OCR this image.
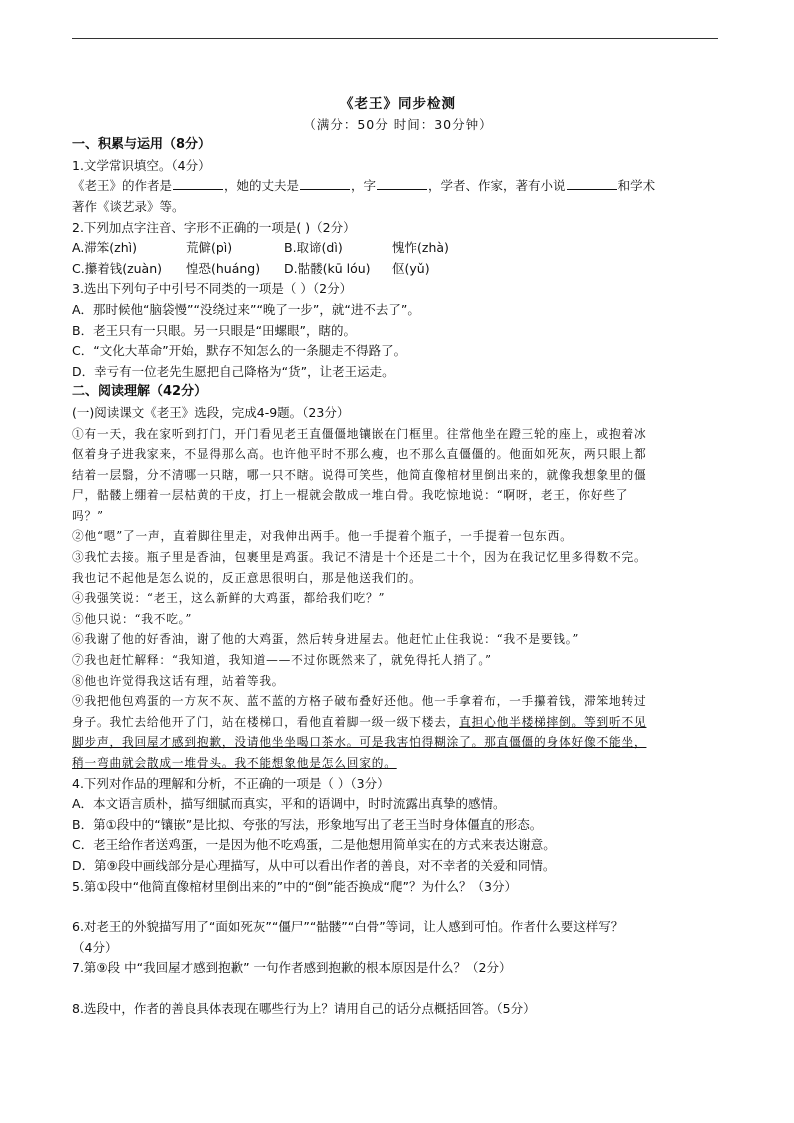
《老王》同步检测
（满分：50分 时间：30分钟）
一、积累与运用（8分）
1.文学常识填空。（4分）
《老王》的作者是	，她的丈夫是	，字	，学者、作家，著有小说	和学术
著作《谈艺录》等。
2.下列加点字注音、字形不正确的一项是( )（2分）
A.滞笨(zhì)	荒僻(pì)	B.取谛(dì)	愧怍(zhà)
C.攥着钱(zuàn) 惶恐(huáng) D.骷髅(kū lóu) 伛(yǔ)
3.选出下列句子中引号不同类的一项是（ ）（2分）
A．那时候他“脑袋慢”“没绕过来”“晚了一步”，就“进不去了”。
B．老王只有一只眼。另一只眼是“田螺眼”，瞎的。
C．“文化大革命”开始，默存不知怎么的一条腿走不得路了。
D．幸亏有一位老先生愿把自己降格为“货”，让老王运走。
二、阅读理解（42分）
(一)阅读课文《老王》选段，完成4-9题。（23分）
①有一天，我在家听到打门，开门看见老王直僵僵地镶嵌在门框里。往常他坐在蹬三轮的座上，或抱着冰
伛着身子进我家来，不显得那么高。也许他平时不那么瘦，也不那么直僵僵的。他面如死灰，两只眼上都
结着一层翳，分不清哪一只瞎，哪一只不瞎。说得可笑些，他简直像棺材里倒出来的，就像我想象里的僵
尸，骷髅上绷着一层枯黄的干皮，打上一棍就会散成一堆白骨。我吃惊地说：“啊呀，老王，你好些了
吗？”
②他“嗯”了一声，直着脚往里走，对我伸出两手。他一手提着个瓶子，一手提着一包东西。
③我忙去接。瓶子里是香油，包裹里是鸡蛋。我记不清是十个还是二十个，因为在我记忆里多得数不完。
我也记不起他是怎么说的，反正意思很明白，那是他送我们的。
④我强笑说：“老王，这么新鲜的大鸡蛋，都给我们吃？”
⑤他只说：“我不吃。”
⑥我谢了他的好香油，谢了他的大鸡蛋，然后转身进屋去。他赶忙止住我说：“我不是要钱。”
⑦我也赶忙解释：“我知道，我知道——不过你既然来了，就免得托人捎了。”
⑧他也许觉得我这话有理，站着等我。
⑨我把他包鸡蛋的一方灰不灰、蓝不蓝的方格子破布叠好还他。他一手拿着布，一手攥着钱，滞笨地转过
身子。我忙去给他开了门，站在楼梯口，看他直着脚一级一级下楼去，直担心他半楼梯摔倒。等到听不见
脚步声，我回屋才感到抱歉，没请他坐坐喝口茶水。可是我害怕得糊涂了。那直僵僵的身体好像不能坐，
稍一弯曲就会散成一堆骨头。我不能想象他是怎么回家的。
4.下列对作品的理解和分析，不正确的一项是（ ）（3分）
A．本文语言质朴，描写细腻而真实，平和的语调中，时时流露出真挚的感情。
B．第①段中的“镶嵌”是比拟、夸张的写法，形象地写出了老王当时身体僵直的形态。
C．老王给作者送鸡蛋，一是因为他不吃鸡蛋，二是他想用简单实在的方式来表达谢意。
D．第⑨段中画线部分是心理描写，从中可以看出作者的善良，对不幸者的关爱和同情。
5.第①段中“他简直像棺材里倒出来的”中的“倒”能否换成“爬”？为什么？（3分）
6.对老王的外貌描写用了“面如死灰”“僵尸”“骷髅”“白骨”等词，让人感到可怕。作者什么要这样写？
（4分）
7.第⑨段 中“我回屋才感到抱歉” 一句作者感到抱歉的根本原因是什么？（2分）
8.选段中，作者的善良具体表现在哪些行为上？请用自己的话分点概括回答。（5分）
